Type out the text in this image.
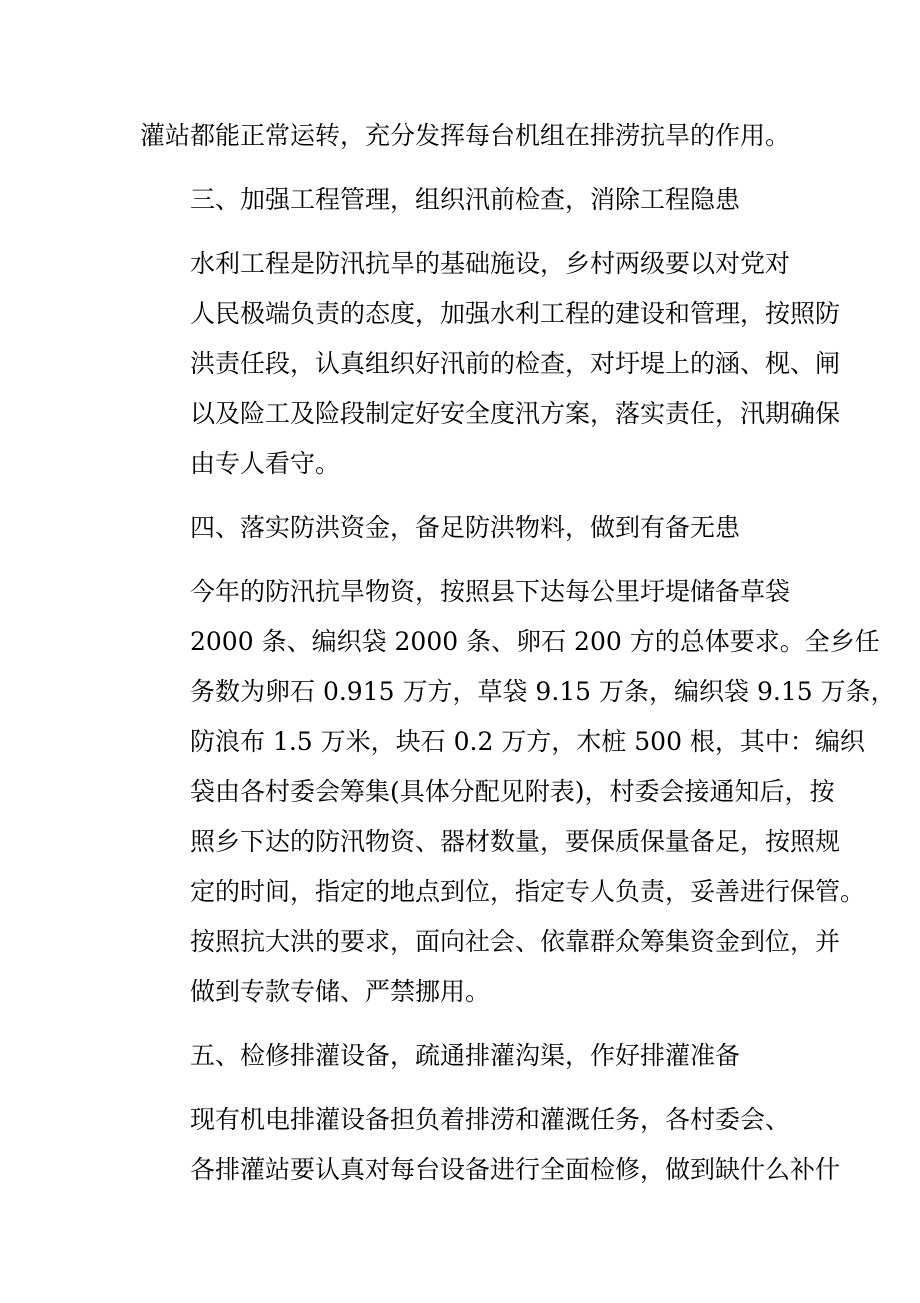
灌站都能正常运转，充分发挥每台机组在排涝抗旱的作用。

三、加强工程管理，组织汛前检查，消除工程隐患

水利工程是防汛抗旱的基础施设，乡村两级要以对党对
人民极端负责的态度，加强水利工程的建设和管理，按照防
洪责任段，认真组织好汛前的检查，对圩堤上的涵、枧、闸
以及险工及险段制定好安全度汛方案，落实责任，汛期确保
由专人看守。

四、落实防洪资金，备足防洪物料，做到有备无患

今年的防汛抗旱物资，按照县下达每公里圩堤储备草袋
2000 条、编织袋 2000 条、卵石 200 方的总体要求。全乡任
务数为卵石 0.915 万方，草袋 9.15 万条，编织袋 9.15 万条，
防浪布 1.5 万米，块石 0.2 万方，木桩 500 根，其中：编织
袋由各村委会筹集(具体分配见附表)，村委会接通知后，按
照乡下达的防汛物资、器材数量，要保质保量备足，按照规
定的时间，指定的地点到位，指定专人负责，妥善进行保管。
按照抗大洪的要求，面向社会、依靠群众筹集资金到位，并
做到专款专储、严禁挪用。

五、检修排灌设备，疏通排灌沟渠，作好排灌准备

现有机电排灌设备担负着排涝和灌溉任务，各村委会、
各排灌站要认真对每台设备进行全面检修，做到缺什么补什
